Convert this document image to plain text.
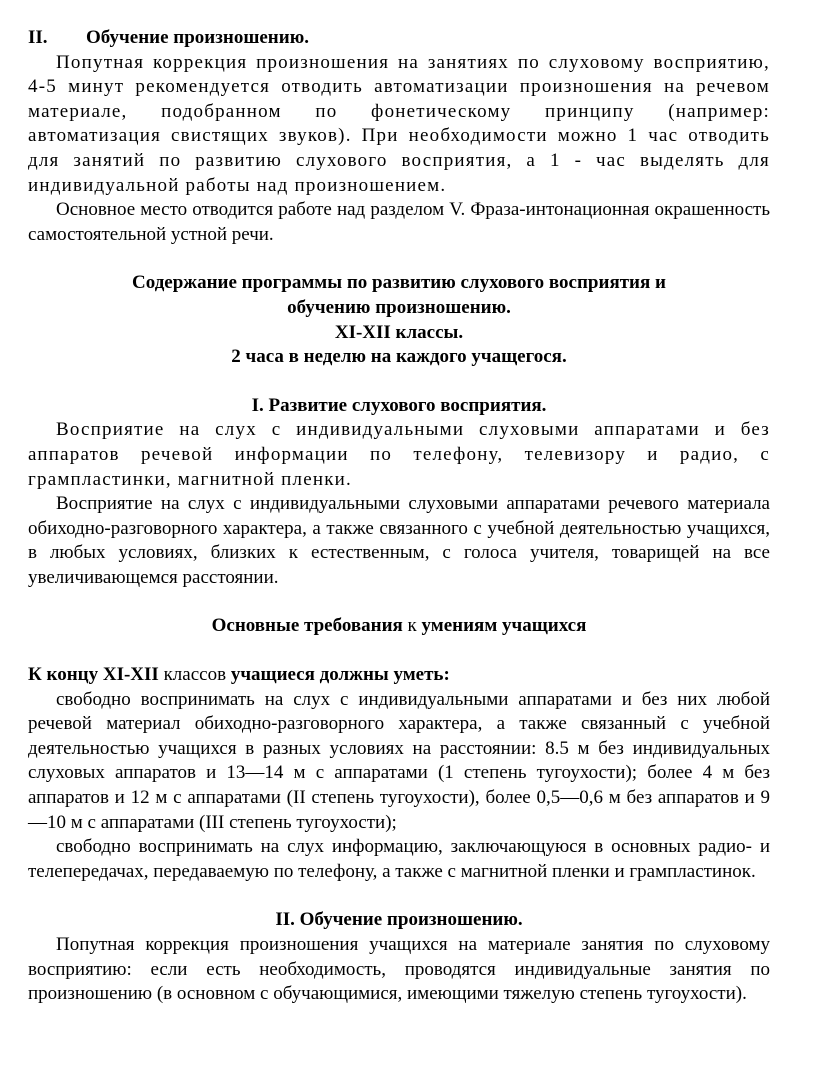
II. Обучение произношению.

Попутная коррекция произношения на занятиях по слуховому восприятию, 4-5 минут рекомендуется отводить автоматизации произношения на речевом материале, подобранном по фонетическому принципу (например: автоматизация свистящих звуков). При необходимости можно 1 час отводить для занятий по развитию слухового восприятия, а 1 - час выделять для индивидуальной работы над произношением.

Основное место отводится работе над разделом V. Фраза-интонационная окрашенность самостоятельной устной речи.

Содержание программы по развитию слухового восприятия и

обучению произношению.

XI-XII классы.

2 часа в неделю на каждого учащегося.

I. Развитие слухового восприятия.

Восприятие на слух с индивидуальными слуховыми аппаратами и без аппаратов речевой информации по телефону, телевизору и радио, с грампластинки, магнитной пленки.

Восприятие на слух с индивидуальными слуховыми аппаратами речевого материала обиходно-разговорного характера, а также связанного с учебной деятельностью учащихся, в любых условиях, близких к естественным, с голоса учителя, товарищей на все увеличивающемся расстоянии.

Основные требования к умениям учащихся

К концу XI-XII классов учащиеся должны уметь:

свободно воспринимать на слух с индивидуальными аппаратами и без них любой речевой материал обиходно-разговорного характера, а также связанный с учебной деятельностью учащихся в разных условиях на расстоянии: 8.5 м без индивидуальных слуховых аппаратов и 13—14 м с аппаратами (1 степень тугоухости); более 4 м без аппаратов и 12 м с аппаратами (II степень тугоухости), более 0,5—0,6 м без аппаратов и 9—10 м с аппаратами (III степень тугоухости);

свободно воспринимать на слух информацию, заключающуюся в основных радио- и телепередачах, передаваемую по телефону, а также с магнитной пленки и грампластинок.

II. Обучение произношению.

Попутная коррекция произношения учащихся на материале занятия по слуховому восприятию: если есть необходимость, проводятся индивидуальные занятия по произношению (в основном с обучающимися, имеющими тяжелую степень тугоухости).
